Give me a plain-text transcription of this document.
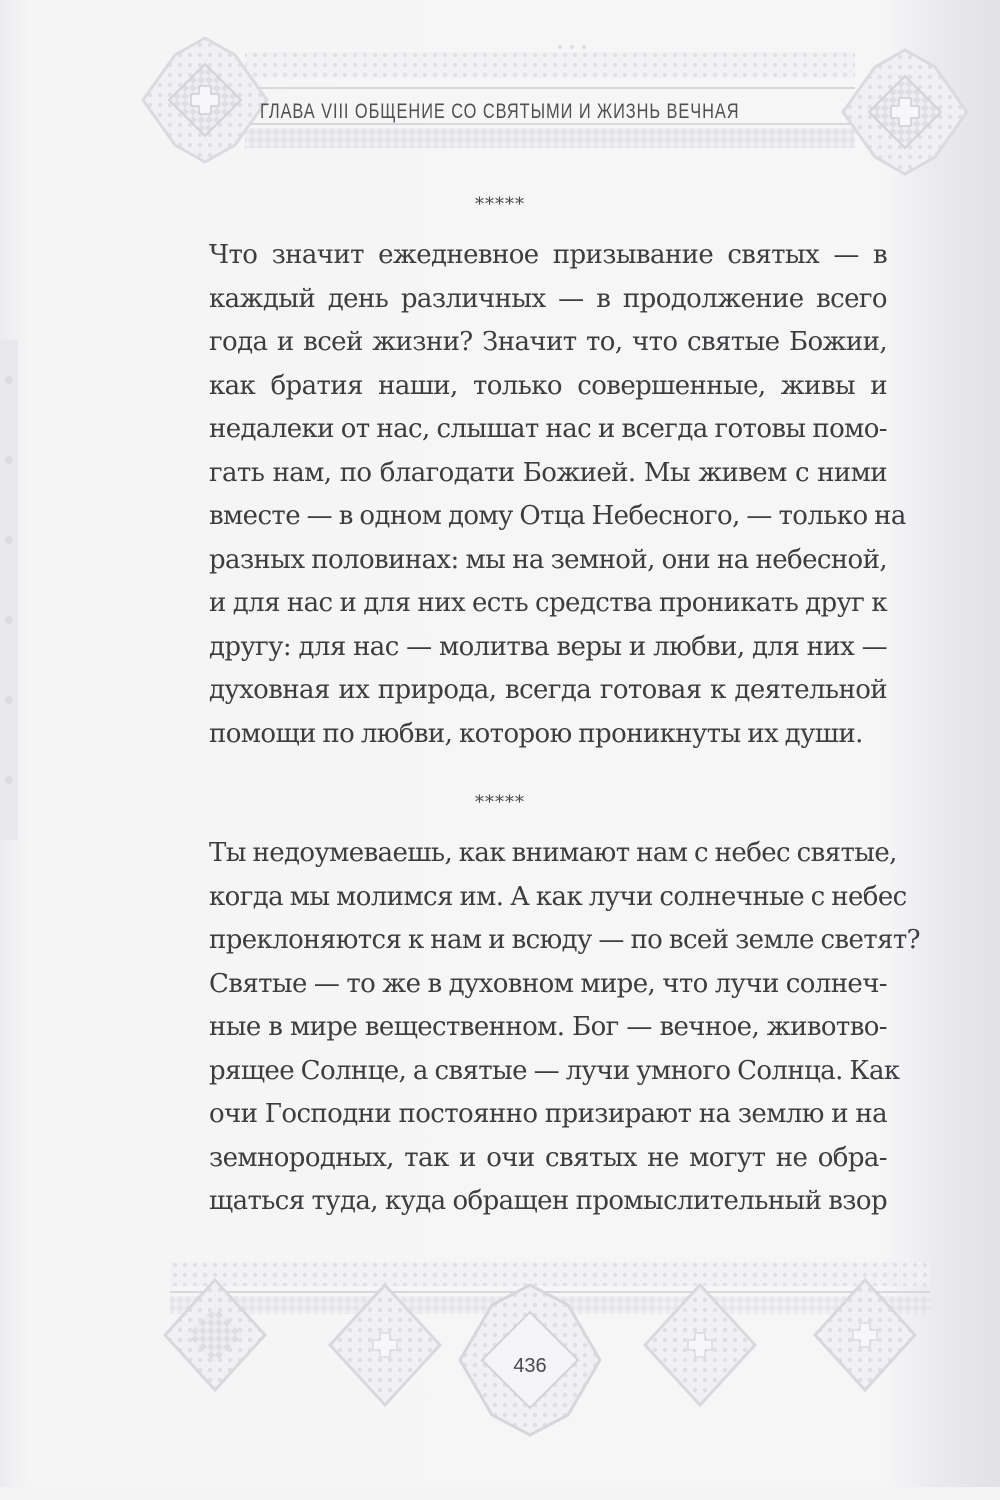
ГЛАВА VIII ОБЩЕНИЕ СО СВЯТЫМИ И ЖИЗНЬ ВЕЧНАЯ
*****
Что значит ежедневное призывание святых — в
каждый день различных — в продолжение всего
года и всей жизни? Значит то, что святые Божии,
как братия наши, только совершенные, живы и
недалеки от нас, слышат нас и всегда готовы помо-
гать нам, по благодати Божией. Мы живем с ними
вместе — в одном дому Отца Небесного, — только на
разных половинах: мы на земной, они на небесной,
и для нас и для них есть средства проникать друг к
другу: для нас — молитва веры и любви, для них —
духовная их природа, всегда готовая к деятельной
помощи по любви, которою проникнуты их души.
*****
Ты недоумеваешь, как внимают нам с небес святые,
когда мы молимся им. А как лучи солнечные с небес
преклоняются к нам и всюду — по всей земле светят?
Святые — то же в духовном мире, что лучи солнеч-
ные в мире вещественном. Бог — вечное, животво-
рящее Солнце, а святые — лучи умного Солнца. Как
очи Господни постоянно призирают на землю и на
земнородных, так и очи святых не могут не обра-
щаться туда, куда обращен промыслительный взор
436
